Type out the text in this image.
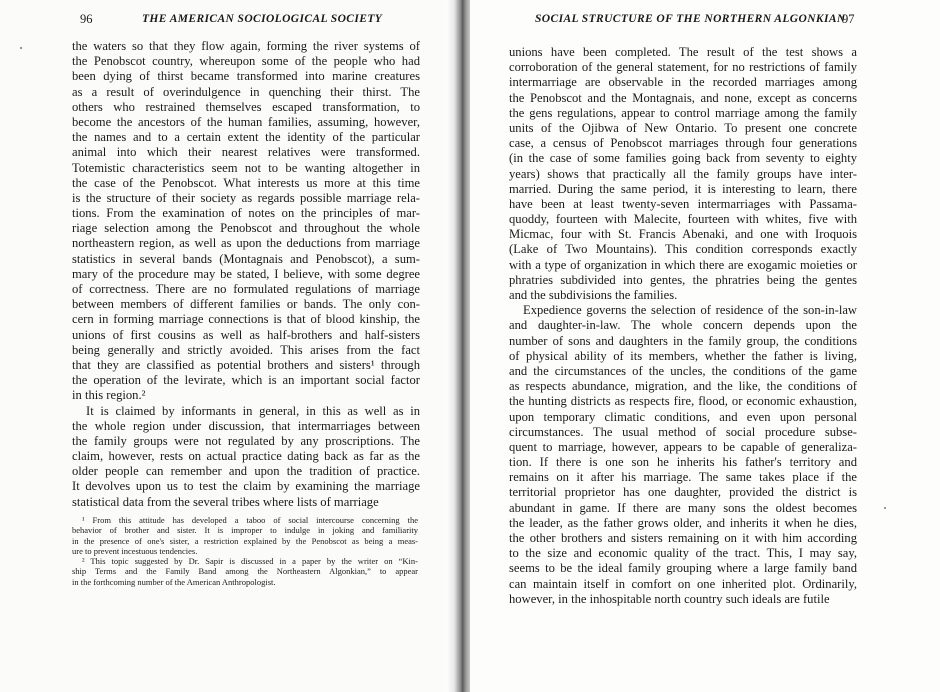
96	THE AMERICAN SOCIOLOGICAL SOCIETY
the waters so that they flow again, forming the river systems of
the Penobscot country, whereupon some of the people who had
been dying of thirst became transformed into marine creatures
as a result of overindulgence in quenching their thirst. The
others who restrained themselves escaped transformation, to
become the ancestors of the human families, assuming, however,
the names and to a certain extent the identity of the particular
animal into which their nearest relatives were transformed.
Totemistic characteristics seem not to be wanting altogether in
the case of the Penobscot. What interests us more at this time
is the structure of their society as regards possible marriage rela-
tions. From the examination of notes on the principles of mar-
riage selection among the Penobscot and throughout the whole
northeastern region, as well as upon the deductions from marriage
statistics in several bands (Montagnais and Penobscot), a sum-
mary of the procedure may be stated, I believe, with some degree
of correctness. There are no formulated regulations of marriage
between members of different families or bands. The only con-
cern in forming marriage connections is that of blood kinship, the
unions of first cousins as well as half-brothers and half-sisters
being generally and strictly avoided. This arises from the fact
that they are classified as potential brothers and sisters¹ through
the operation of the levirate, which is an important social factor
in this region.²
It is claimed by informants in general, in this as well as in
the whole region under discussion, that intermarriages between
the family groups were not regulated by any proscriptions. The
claim, however, rests on actual practice dating back as far as the
older people can remember and upon the tradition of practice.
It devolves upon us to test the claim by examining the marriage
statistical data from the several tribes where lists of marriage
¹ From this attitude has developed a taboo of social intercourse concerning the
behavior of brother and sister. It is improper to indulge in joking and familiarity
in the presence of one's sister, a restriction explained by the Penobscot as being a meas-
ure to prevent incestuous tendencies.
² This topic suggested by Dr. Sapir is discussed in a paper by the writer on “Kin-
ship Terms and the Family Band among the Northeastern Algonkian,” to appear
in the forthcoming number of the American Anthropologist.
SOCIAL STRUCTURE OF THE NORTHERN ALGONKIAN
97
unions have been completed. The result of the test shows a
corroboration of the general statement, for no restrictions of family
intermarriage are observable in the recorded marriages among
the Penobscot and the Montagnais, and none, except as concerns
the gens regulations, appear to control marriage among the family
units of the Ojibwa of New Ontario. To present one concrete
case, a census of Penobscot marriages through four generations
(in the case of some families going back from seventy to eighty
years) shows that practically all the family groups have inter-
married. During the same period, it is interesting to learn, there
have been at least twenty-seven intermarriages with Passama-
quoddy, fourteen with Malecite, fourteen with whites, five with
Micmac, four with St. Francis Abenaki, and one with Iroquois
(Lake of Two Mountains). This condition corresponds exactly
with a type of organization in which there are exogamic moieties or
phratries subdivided into gentes, the phratries being the gentes
and the subdivisions the families.
Expedience governs the selection of residence of the son-in-law
and daughter-in-law. The whole concern depends upon the
number of sons and daughters in the family group, the conditions
of physical ability of its members, whether the father is living,
and the circumstances of the uncles, the conditions of the game
as respects abundance, migration, and the like, the conditions of
the hunting districts as respects fire, flood, or economic exhaustion,
upon temporary climatic conditions, and even upon personal
circumstances. The usual method of social procedure subse-
quent to marriage, however, appears to be capable of generaliza-
tion. If there is one son he inherits his father's territory and
remains on it after his marriage. The same takes place if the
territorial proprietor has one daughter, provided the district is
abundant in game. If there are many sons the oldest becomes
the leader, as the father grows older, and inherits it when he dies,
the other brothers and sisters remaining on it with him according
to the size and economic quality of the tract. This, I may say,
seems to be the ideal family grouping where a large family band
can maintain itself in comfort on one inherited plot. Ordinarily,
however, in the inhospitable north country such ideals are futile
